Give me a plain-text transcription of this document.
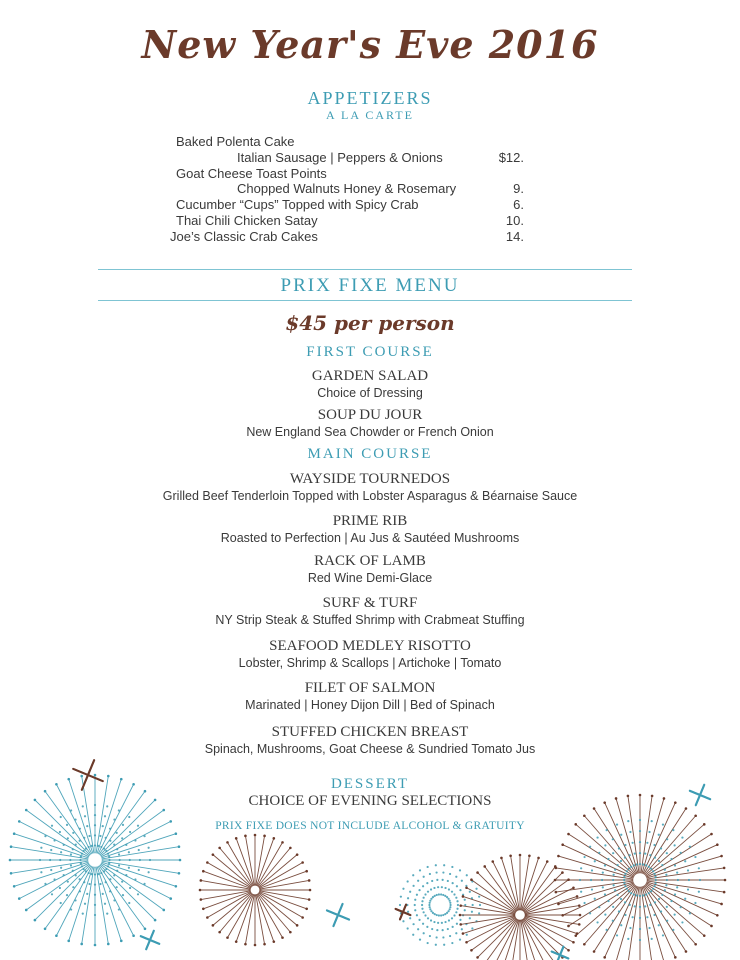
New Year's Eve 2016
APPETIZERS
A LA CARTE
Baked Polenta Cake
Italian Sausage | Peppers & Onions	$12.
Goat Cheese Toast Points
Chopped Walnuts Honey & Rosemary	9.
Cucumber “Cups” Topped with Spicy Crab	6.
Thai Chili Chicken Satay	10.
Joe’s Classic Crab Cakes	14.
PRIX FIXE MENU
$45 per person
FIRST COURSE
GARDEN SALAD
Choice of Dressing
SOUP DU JOUR
New England Sea Chowder or French Onion
MAIN COURSE
WAYSIDE TOURNEDOS
Grilled Beef Tenderloin Topped with Lobster Asparagus & Béarnaise Sauce
PRIME RIB
Roasted to Perfection | Au Jus & Sautéed Mushrooms
RACK OF LAMB
Red Wine Demi-Glace
SURF & TURF
NY Strip Steak & Stuffed Shrimp with Crabmeat Stuffing
SEAFOOD MEDLEY RISOTTO
Lobster, Shrimp & Scallops | Artichoke | Tomato
FILET OF SALMON
Marinated | Honey Dijon Dill | Bed of Spinach
STUFFED CHICKEN BREAST
Spinach, Mushrooms, Goat Cheese & Sundried Tomato Jus
DESSERT
CHOICE OF EVENING SELECTIONS
PRIX FIXE DOES NOT INCLUDE ALCOHOL & GRATUITY
